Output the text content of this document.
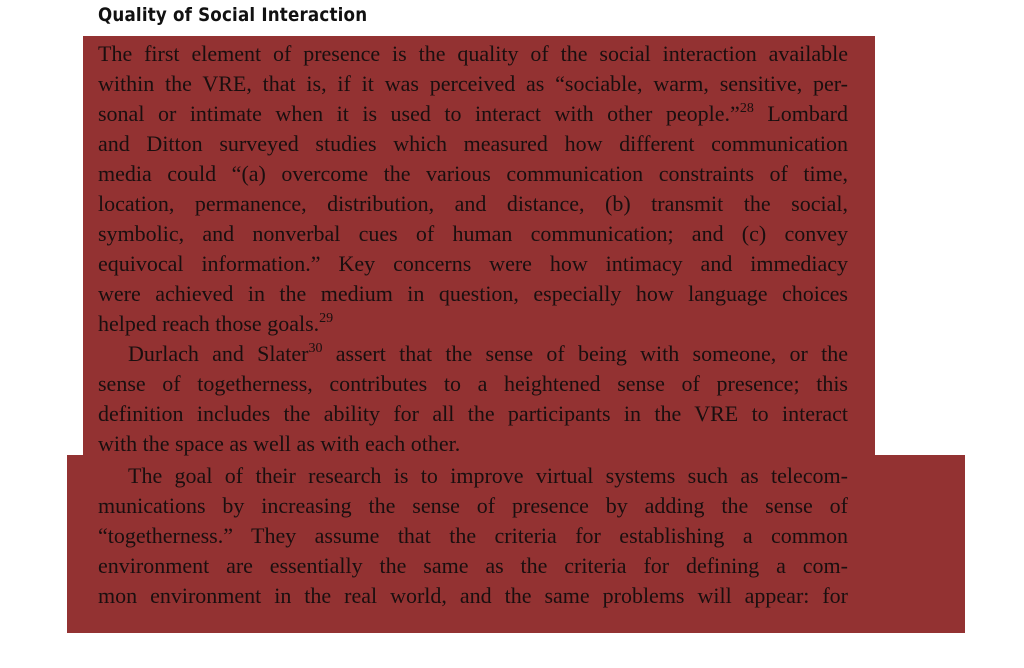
Quality of Social Interaction
The first element of presence is the quality of the social interaction available
within the VRE, that is, if it was perceived as “sociable, warm, sensitive, per-
sonal or intimate when it is used to interact with other people.”$^{28}$ Lombard
and Ditton surveyed studies which measured how different communication
media could “(a) overcome the various communication constraints of time,
location, permanence, distribution, and distance, (b) transmit the social,
symbolic, and nonverbal cues of human communication; and (c) convey
equivocal information.” Key concerns were how intimacy and immediacy
were achieved in the medium in question, especially how language choices
helped reach those goals.$^{29}$
Durlach and Slater$^{30}$ assert that the sense of being with someone, or the
sense of togetherness, contributes to a heightened sense of presence; this
definition includes the ability for all the participants in the VRE to interact
with the space as well as with each other.
The goal of their research is to improve virtual systems such as telecom-
munications by increasing the sense of presence by adding the sense of
“togetherness.” They assume that the criteria for establishing a common
environment are essentially the same as the criteria for defining a com-
mon environment in the real world, and the same problems will appear: for
